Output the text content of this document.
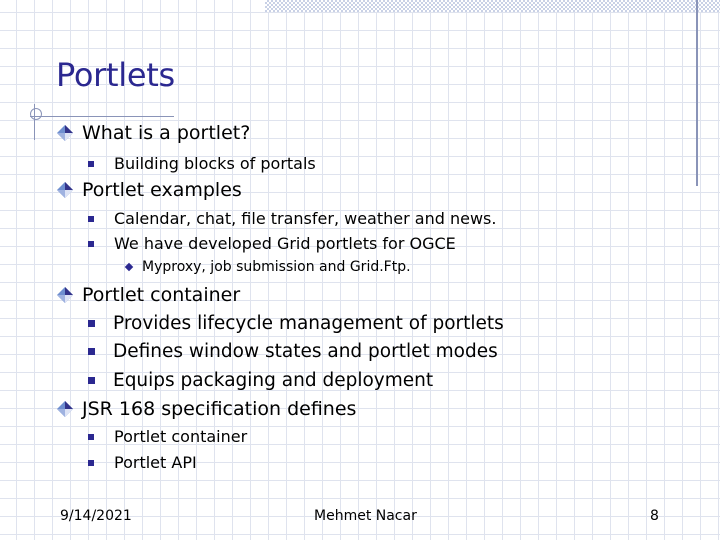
Portlets
What is a portlet?
Building blocks of portals
Portlet examples
Calendar, chat, file transfer, weather and news.
We have developed Grid portlets for OGCE
Myproxy, job submission and Grid.Ftp.
Portlet container
Provides lifecycle management of portlets
Defines window states and portlet modes
Equips packaging and deployment
JSR 168 specification defines
Portlet container
Portlet API
9/14/2021	Mehmet Nacar	8
